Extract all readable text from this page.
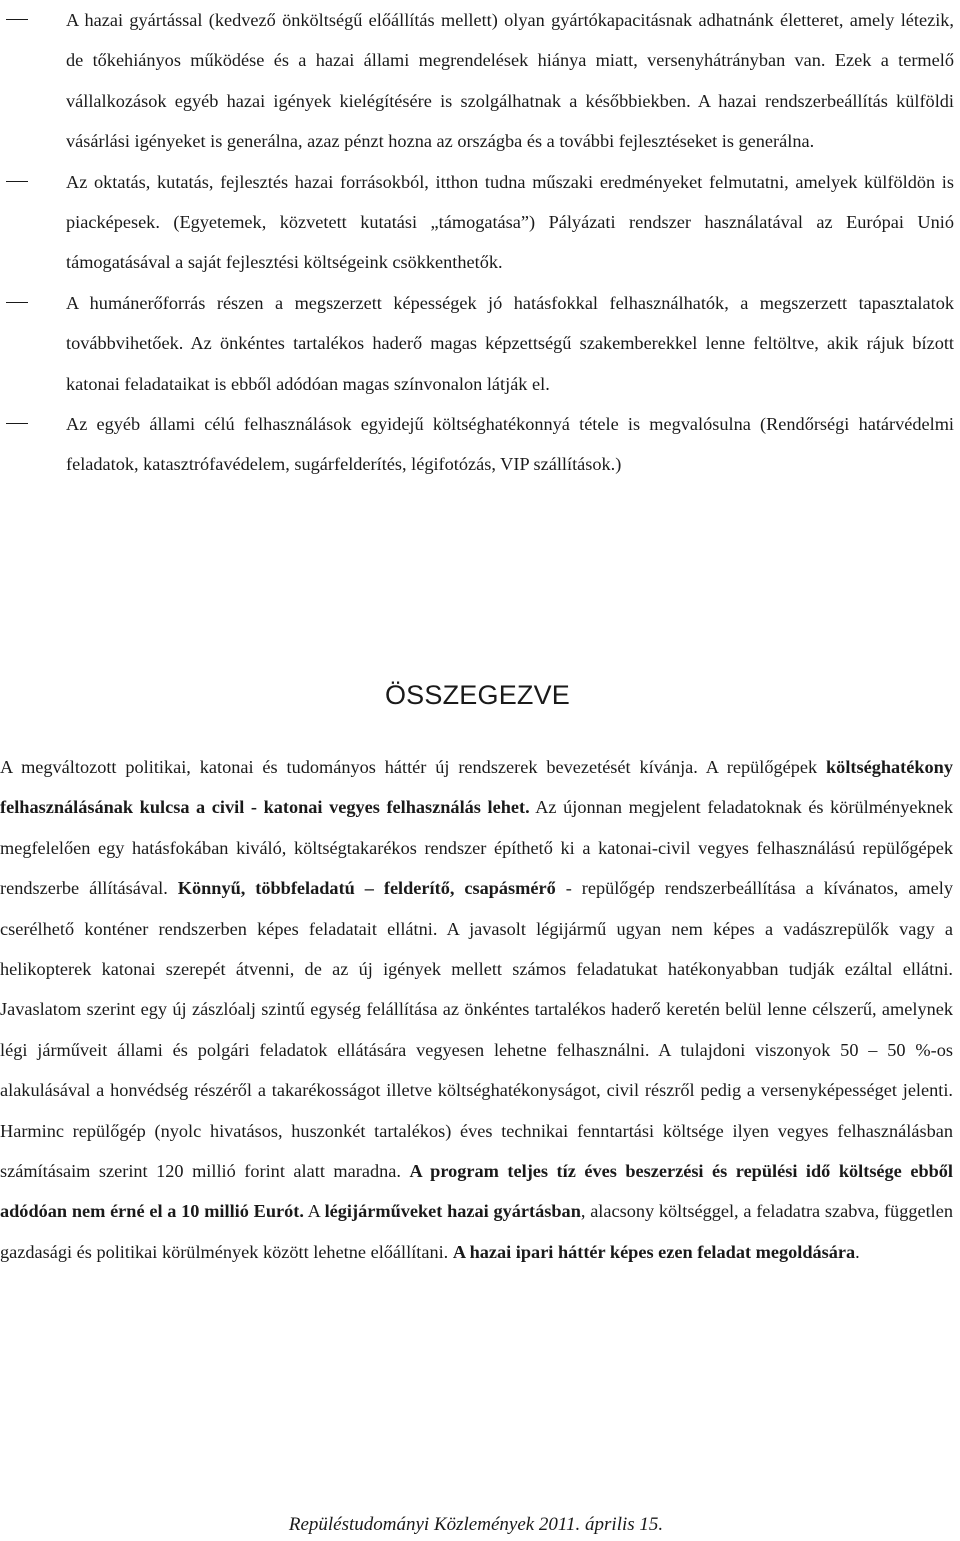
A hazai gyártással (kedvező önköltségű előállítás mellett) olyan gyártókapacitásnak adhatnánk életteret, amely létezik, de tőkehiányos működése és a hazai állami megrendelések hiánya miatt, versenyhátrányban van. Ezek a termelő vállalkozások egyéb hazai igények kielégítésére is szolgálhatnak a későbbiekben. A hazai rendszerbeállítás külföldi vásárlási igényeket is generálna, azaz pénzt hozna az országba és a további fejlesztéseket is generálna.

Az oktatás, kutatás, fejlesztés hazai forrásokból, itthon tudna műszaki eredményeket felmutatni, amelyek külföldön is piacképesek. (Egyetemek, közvetett kutatási „támogatása”) Pályázati rendszer használatával az Európai Unió támogatásával a saját fejlesztési költségeink csökkenthetők.

A humánerőforrás részen a megszerzett képességek jó hatásfokkal felhasználhatók, a megszerzett tapasztalatok továbbvihetőek. Az önkéntes tartalékos haderő magas képzettségű szakemberekkel lenne feltöltve, akik rájuk bízott katonai feladataikat is ebből adódóan magas színvonalon látják el.

Az egyéb állami célú felhasználások egyidejű költséghatékonnyá tétele is megvalósulna (Rendőrségi határvédelmi feladatok, katasztrófavédelem, sugárfelderítés, légifotózás, VIP szállítások.)

ÖSSZEGEZVE

A megváltozott politikai, katonai és tudományos háttér új rendszerek bevezetését kívánja. A repülőgépek költséghatékony felhasználásának kulcsa a civil - katonai vegyes felhasználás lehet. Az újonnan megjelent feladatoknak és körülményeknek megfelelően egy hatásfokában kiváló, költségtakarékos rendszer építhető ki a katonai-civil vegyes felhasználású repülőgépek rendszerbe állításával. Könnyű, többfeladatú – felderítő, csapásmérő - repülőgép rendszerbeállítása a kívánatos, amely cserélhető konténer rendszerben képes feladatait ellátni. A javasolt légijármű ugyan nem képes a vadászrepülők vagy a helikopterek katonai szerepét átvenni, de az új igények mellett számos feladatukat hatékonyabban tudják ezáltal ellátni. Javaslatom szerint egy új zászlóalj szintű egység felállítása az önkéntes tartalékos haderő keretén belül lenne célszerű, amelynek légi járműveit állami és polgári feladatok ellátására vegyesen lehetne felhasználni. A tulajdoni viszonyok 50 – 50 %-os alakulásával a honvédség részéről a takarékosságot illetve költséghatékonyságot, civil részről pedig a versenyképességet jelenti. Harminc repülőgép (nyolc hivatásos, huszonkét tartalékos) éves technikai fenntartási költsége ilyen vegyes felhasználásban számításaim szerint 120 millió forint alatt maradna. A program teljes tíz éves beszerzési és repülési idő költsége ebből adódóan nem érné el a 10 millió Eurót. A légijárműveket hazai gyártásban, alacsony költséggel, a feladatra szabva, független gazdasági és politikai körülmények között lehetne előállítani. A hazai ipari háttér képes ezen feladat megoldására.

Repüléstudományi Közlemények 2011. április 15.
